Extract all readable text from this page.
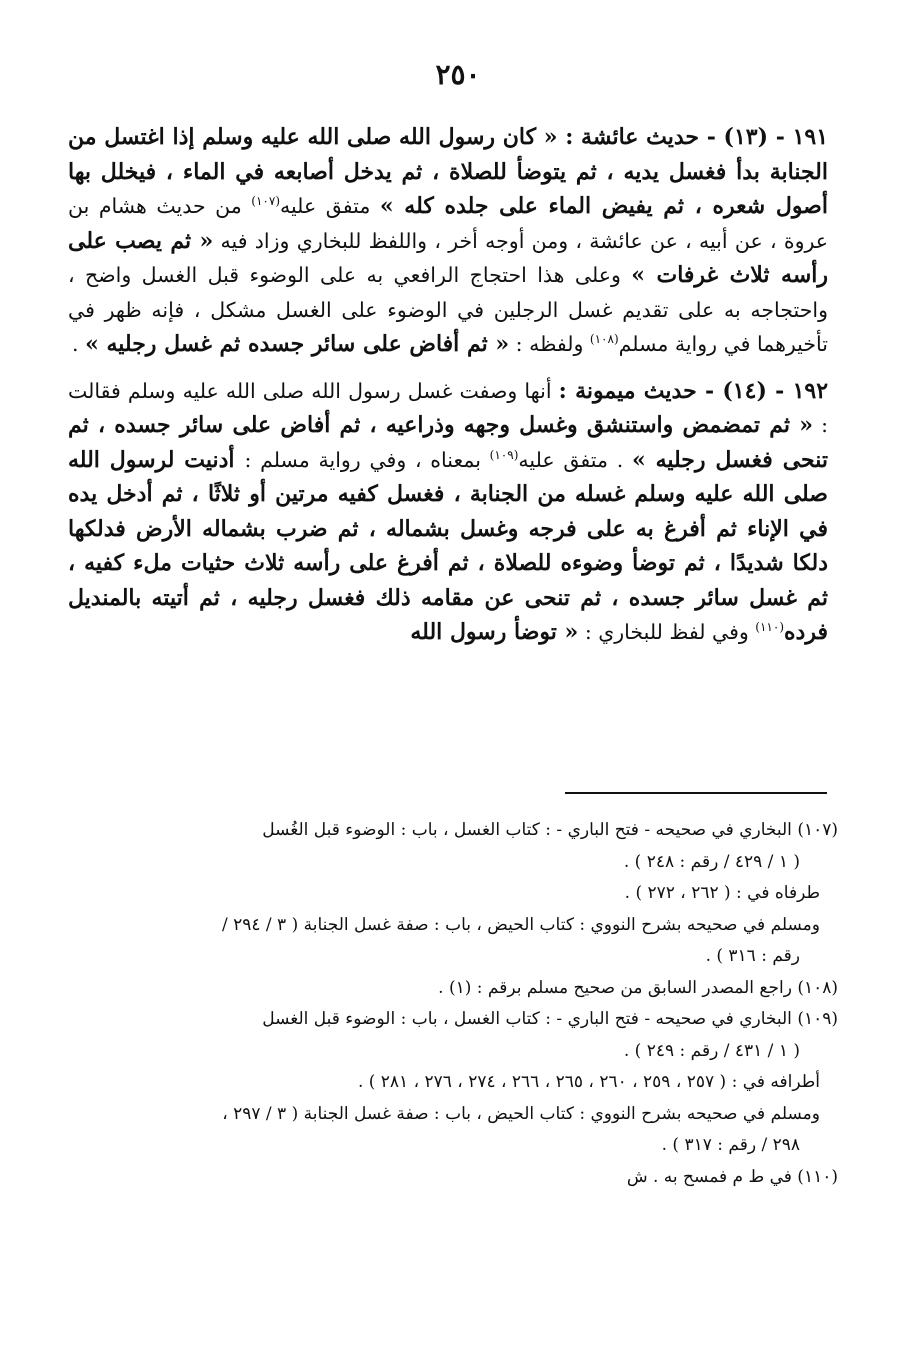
٢٥٠

١٩١ - (١٣) - حديث عائشة : « كان رسول الله صلى الله عليه وسلم إذا اغتسل من الجنابة بدأ فغسل يديه ، ثم يتوضأ للصلاة ، ثم يدخل أصابعه في الماء ، فيخلل بها أصول شعره ، ثم يفيض الماء على جلده كله » متفق عليه$^{(١٠٧)}$ من حديث هشام بن عروة ، عن أبيه ، عن عائشة ، ومن أوجه أخر ، واللفظ للبخاري وزاد فيه « ثم يصب على رأسه ثلاث غرفات » وعلى هذا احتجاج الرافعي به على الوضوء قبل الغسل واضح ، واحتجاجه به على تقديم غسل الرجلين في الوضوء على الغسل مشكل ، فإنه ظهر في تأخيرهما في رواية مسلم$^{(١٠٨)}$ ولفظه : « ثم أفاض على سائر جسده ثم غسل رجليه » .

١٩٢ - (١٤) - حديث ميمونة : أنها وصفت غسل رسول الله صلى الله عليه وسلم فقالت : « ثم تمضمض واستنشق وغسل وجهه وذراعيه ، ثم أفاض على سائر جسده ، ثم تنحى فغسل رجليه » . متفق عليه$^{(١٠٩)}$ بمعناه ، وفي رواية مسلم : أدنيت لرسول الله صلى الله عليه وسلم غسله من الجنابة ، فغسل كفيه مرتين أو ثلاثًا ، ثم أدخل يده في الإناء ثم أفرغ به على فرجه وغسل بشماله ، ثم ضرب بشماله الأرض فدلكها دلكا شديدًا ، ثم توضأ وضوءه للصلاة ، ثم أفرغ على رأسه ثلاث حثيات ملء كفيه ، ثم غسل سائر جسده ، ثم تنحى عن مقامه ذلك فغسل رجليه ، ثم أتيته بالمنديل فرده$^{(١١٠)}$ وفي لفظ للبخاري : « توضأ رسول الله

(١٠٧) البخاري في صحيحه - فتح الباري - : كتاب الغسل ، باب : الوضوء قبل الغُسل

( ١ / ٤٢٩ / رقم : ٢٤٨ ) .

طرفاه في : ( ٢٦٢ ، ٢٧٢ ) .

ومسلم في صحيحه بشرح النووي : كتاب الحيض ، باب : صفة غسل الجنابة ( ٣ / ٢٩٤ /

رقم : ٣١٦ ) .

(١٠٨) راجع المصدر السابق من صحيح مسلم برقم : (١) .

(١٠٩) البخاري في صحيحه - فتح الباري - : كتاب الغسل ، باب : الوضوء قبل الغسل

( ١ / ٤٣١ / رقم : ٢٤٩ ) .

أطرافه في : ( ٢٥٧ ، ٢٥٩ ، ٢٦٠ ، ٢٦٥ ، ٢٦٦ ، ٢٧٤ ، ٢٧٦ ، ٢٨١ ) .

ومسلم في صحيحه بشرح النووي : كتاب الحيض ، باب : صفة غسل الجنابة ( ٣ / ٢٩٧ ،

٢٩٨ / رقم : ٣١٧ ) .

(١١٠) في ط م فمسح به . ش
